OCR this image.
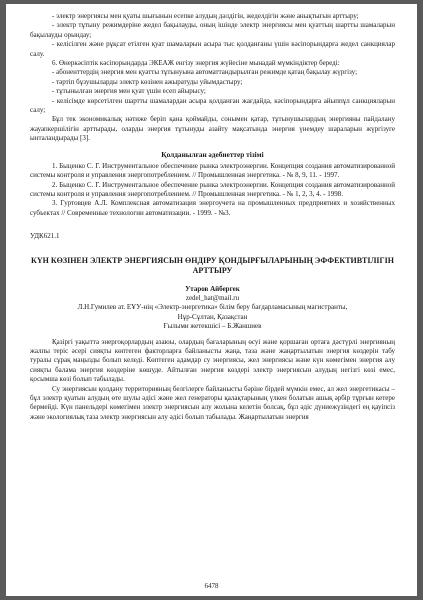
- электр энергиясы мен қуаты шығынын есепке алудың дәлдігін, жеделдігін және анықтығын арттыру;

- электр тұтыну режимдеріне жедел бақылауды, оның ішінде электр энергиясы мен қуаттың шартты шамаларын бақылауды орындау;

- келісілген және рұқсат етілген қуат шамаларын асыра тыс қолданғаны үшін кәсіпорындарға жедел санкциялар салу.

6. Өнеркәсіптік кәсіпорындарда ЭКЕАЖ енгізу энергия жүйесіне мынадай мүмкіндіктер береді:

- абоненттердің энергия мен қуатты тұтынуына автоматтандырылған режимде қатаң бақылау жүргізу;

- тәртіп бұзушыларды электр көзінен ажыратуды уйымдастыру;

- тұтынылған энергия мен қуат үшін есеп айырысу;

- келісімде көрсетілген шартты шамалардан асыра қолданған жағдайда, кәсіпорындарға айыппұл санкцияларын салу;

Бұл тек экономикалық нәтиже беріп қана қоймайды, сонымен қатар, тұтынушылардың энергияны пайдалану жауапкершілігін арттырады, оларды энергия тұтынуды азайту мақсатында энергия үнемдеу шараларын жүргізуге ынталандырады [3].

Қолданылған әдебиеттер тізімі

1. Быценко С. Г. Инструментальное обеспечение рынка электроэнергии. Концепция создания автоматизированной системы контроля и управления энергопотреблением. // Промышленная энергетика. - № 8, 9, 11. - 1997.

2. Быценко С. Г. Инструментальное обеспечение рынка электроэнергии. Концепция создания автоматизированной системы контроля и управления энергопотреблением. // Промышленная энергетика. - № 1, 2, 3, 4. - 1998.

3. Гуртовцев А.Л. Комплексная автоматизация энергоучета на промышленных предприятиях и хозяйственных субъектах // Современные технологии автоматизации. - 1999. - №3.

УДК621.1

КҮН КӨЗІНЕН ЭЛЕКТР ЭНЕРГИЯСЫН ӨНДІРУ ҚОНДЫРҒЫЛАРЫНЫҢ ЭФФЕКТИВТІЛІГІН АРТТЫРУ

Утаров Айбергек

zedel_hat@mail.ru

Л.Н.Гумилев ат. ЕҰУ-нің «Электр-энергетика» білім беру бағдарламасының магистранты,

Нұр-Сұлтан, Қазақстан

Ғылыми жетекшісі – Б.Жаншиев

Қазіргі уақытта энергоқорлардың азаюы, олардың бағаларының өсуі және қоршаған ортаға дәстүрлі энергияның жалпы теріс әсері сияқты көптеген факторларға байланысты жаңа, таза және жаңартылатын энергия көздерін табу туралы сұрақ маңызды болып келеді. Көптеген адамдар су энергиясы, жел энергиясы және күн көмегімен энергия алу сияқты балама энергия көздеріне көшуде. Айтылған энергия көздері электр энергиясын алудың негізгі көзі емес, қосымша көзі болып табылады.

Су энергиясын қолдану территорияның белгілерге байланысты бәріне бірдей мүмкін емес, ал жел энергетикасы – бұл электр қуатын алудың өте шулы әдісі және жел генераторы қалақтарының үлкен болатын ашық әрбір тұрғын кетере бермейді. Күн панельдері көмегімен электр энергиясын алу жолына келетін болсақ, бұл әдіс дүниежүзіндегі ең қауіпсіз және экологиялық таза электр энергиясын алу әдісі болып табылады. Жаңартылатын энергия

6478
